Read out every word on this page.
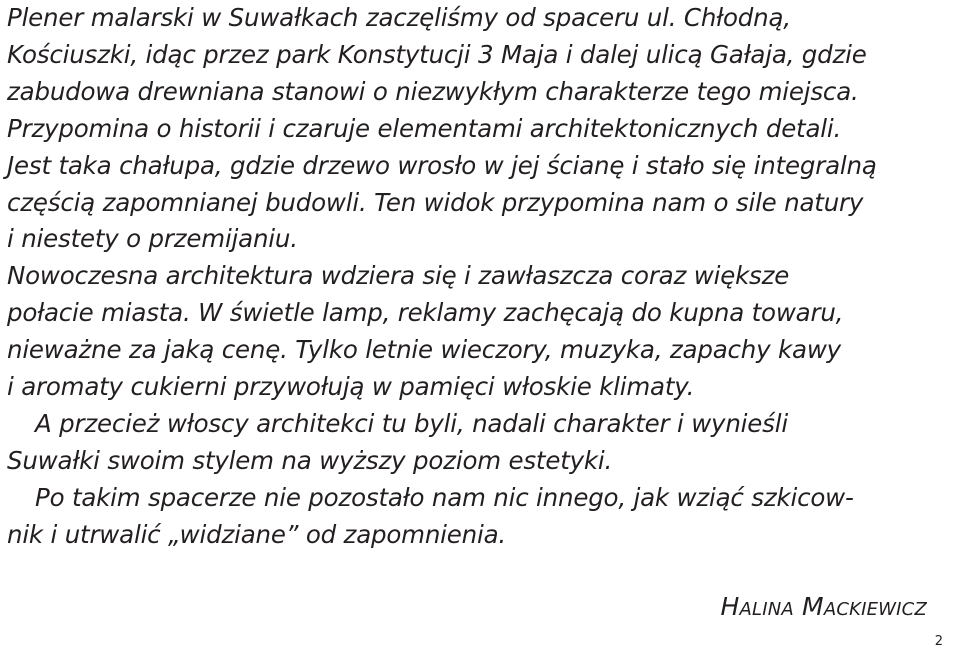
Plener malarski w Suwałkach zaczęliśmy od spaceru ul. Chłodną,
Kościuszki, idąc przez park Konstytucji 3 Maja i dalej ulicą Gałaja, gdzie
zabudowa drewniana stanowi o niezwykłym charakterze tego miejsca.
Przypomina o historii i czaruje elementami architektonicznych detali.
Jest taka chałupa, gdzie drzewo wrosło w jej ścianę i stało się integralną
częścią zapomnianej budowli. Ten widok przypomina nam o sile natury
i niestety o przemijaniu.
Nowoczesna architektura wdziera się i zawłaszcza coraz większe
połacie miasta. W świetle lamp, reklamy zachęcają do kupna towaru,
nieważne za jaką cenę. Tylko letnie wieczory, muzyka, zapachy kawy
i aromaty cukierni przywołują w pamięci włoskie klimaty.
A przecież włoscy architekci tu byli, nadali charakter i wynieśli
Suwałki swoim stylem na wyższy poziom estetyki.
Po takim spacerze nie pozostało nam nic innego, jak wziąć szkicow-
nik i utrwalić „widziane” od zapomnienia.
Halina Mackiewicz
2
